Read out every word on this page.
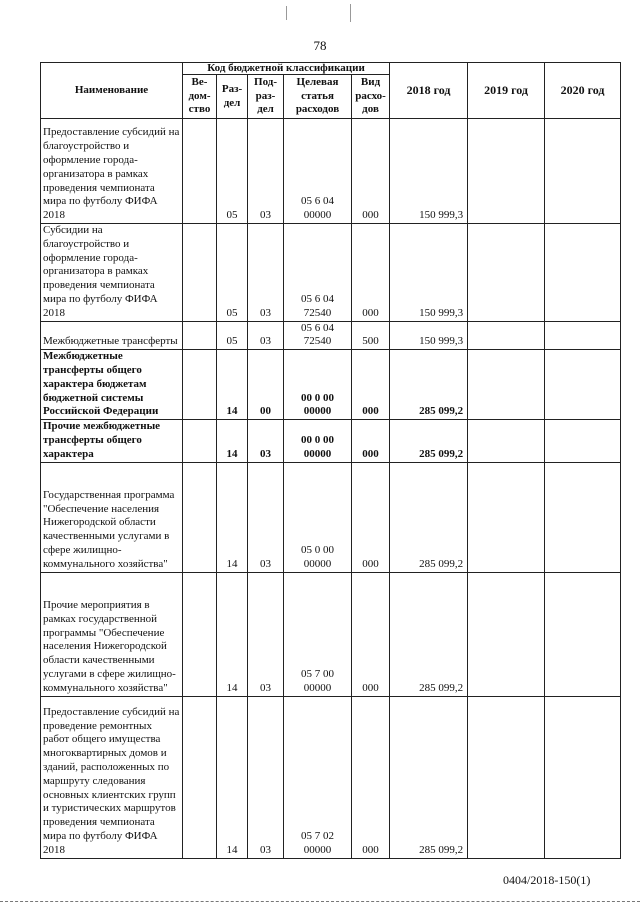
78
Наименование	Код бюджетной классификации					2018 год	2019 год	2020 год
	Ве-дом-ство	Раз-дел	Под-раз-дел	Целевая статья расходов	Вид расхо-дов			
Предоставление субсидий на благоустройство и оформление города-организатора в рамках проведения чемпионата мира по футболу ФИФА 2018		05	03	05 6 04 00000	000	150 999,3		
Субсидии на благоустройство и оформление города-организатора в рамках проведения чемпионата мира по футболу ФИФА 2018		05	03	05 6 04 72540	000	150 999,3		
Межбюджетные трансферты		05	03	05 6 04 72540	500	150 999,3		
Межбюджетные трансферты общего характера бюджетам бюджетной системы Российской Федерации		14	00	00 0 00 00000	000	285 099,2		
Прочие межбюджетные трансферты общего характера		14	03	00 0 00 00000	000	285 099,2		
Государственная программа "Обеспечение населения Нижегородской области качественными услугами в сфере жилищно-коммунального хозяйства"		14	03	05 0 00 00000	000	285 099,2		
Прочие мероприятия в рамках государственной программы "Обеспечение населения Нижегородской области качественными услугами в сфере жилищно-коммунального хозяйства"		14	03	05 7 00 00000	000	285 099,2		
Предоставление субсидий на проведение ремонтных работ общего имущества многоквартирных домов и зданий, расположенных по маршруту следования основных клиентских групп и туристических маршрутов проведения чемпионата мира по футболу ФИФА 2018		14	03	05 7 02 00000	000	285 099,2		
0404/2018-150(1)
